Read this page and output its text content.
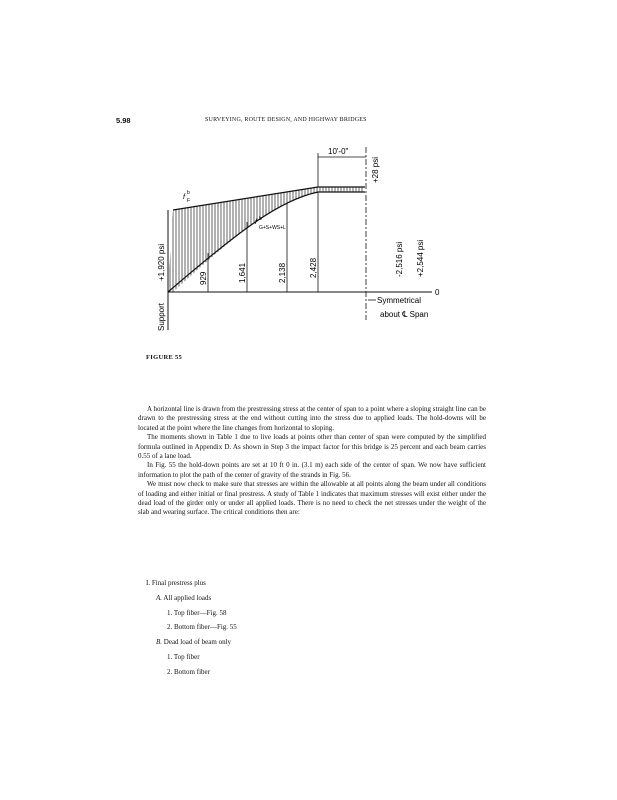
5.98	SURVEYING, ROUTE DESIGN, AND HIGHWAY BRIDGES
0
Support
+1,920 psi	929	1,641	2,138	2,428
10'-0"
+28 psi
-2,516 psi +2,544 psi
f
b
F
f b
G+S+WS+L
Symmetrical
about ℄ Span
FIGURE 55

A horizontal line is drawn from the prestressing stress at the center of span to a point where a sloping straight line can be drawn to the prestressing stress at the end without cutting into the stress due to applied loads. The hold-downs will be located at the point where the line changes from horizontal to sloping.

The moments shown in Table 1 due to live loads at points other than center of span were computed by the simplified formula outlined in Appendix D. As shown in Step 3 the impact factor for this bridge is 25 percent and each beam carries 0.55 of a lane load.

In Fig. 55 the hold-down points are set at 10 ft 0 in. (3.1 m) each side of the center of span. We now have sufficient information to plot the path of the center of gravity of the strands in Fig. 56.

We must now check to make sure that stresses are within the allowable at all points along the beam under all conditions of loading and either initial or final prestress. A study of Table 1 indicates that maximum stresses will exist either under the dead load of the girder only or under all applied loads. There is no need to check the net stresses under the weight of the slab and wearing surface. The critical conditions then are:

I. Final prestress plus
A. All applied loads
1. Top fiber—Fig. 58
2. Bottom fiber—Fig. 55
B. Dead load of beam only
1. Top fiber
2. Bottom fiber
